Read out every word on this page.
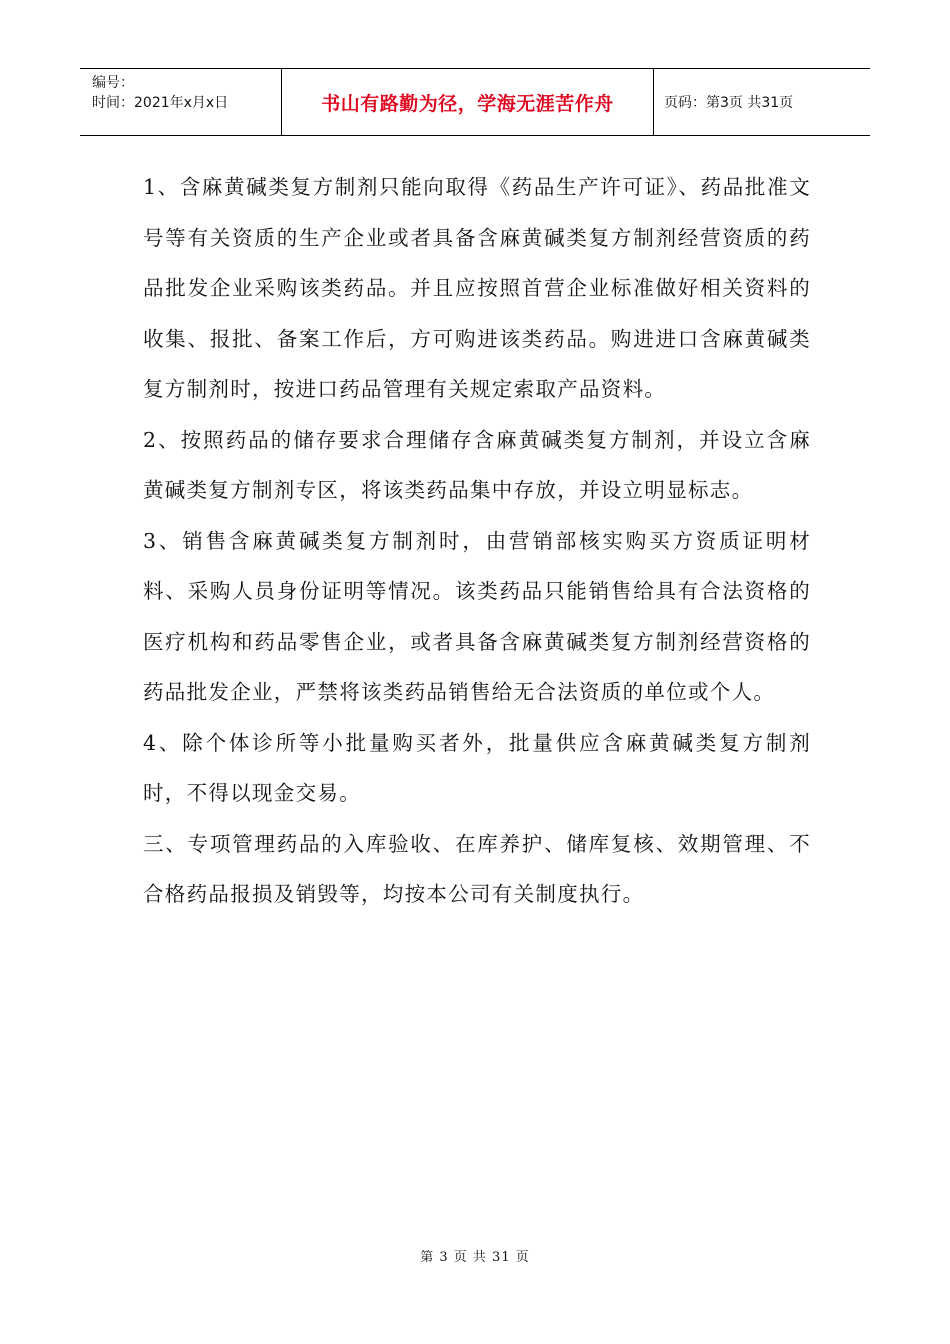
编号：
时间：2021年x月x日	书山有路勤为径，学海无涯苦作舟	页码：第3页 共31页

1、含麻黄碱类复方制剂只能向取得《药品生产许可证》、药品批准文号等有关资质的生产企业或者具备含麻黄碱类复方制剂经营资质的药品批发企业采购该类药品。并且应按照首营企业标准做好相关资料的收集、报批、备案工作后，方可购进该类药品。购进进口含麻黄碱类复方制剂时，按进口药品管理有关规定索取产品资料。

2、按照药品的储存要求合理储存含麻黄碱类复方制剂，并设立含麻黄碱类复方制剂专区，将该类药品集中存放，并设立明显标志。

3、销售含麻黄碱类复方制剂时，由营销部核实购买方资质证明材料、采购人员身份证明等情况。该类药品只能销售给具有合法资格的医疗机构和药品零售企业，或者具备含麻黄碱类复方制剂经营资格的药品批发企业，严禁将该类药品销售给无合法资质的单位或个人。

4、除个体诊所等小批量购买者外，批量供应含麻黄碱类复方制剂时，不得以现金交易。

三、专项管理药品的入库验收、在库养护、储库复核、效期管理、不合格药品报损及销毁等，均按本公司有关制度执行。

第 3 页 共 31 页
